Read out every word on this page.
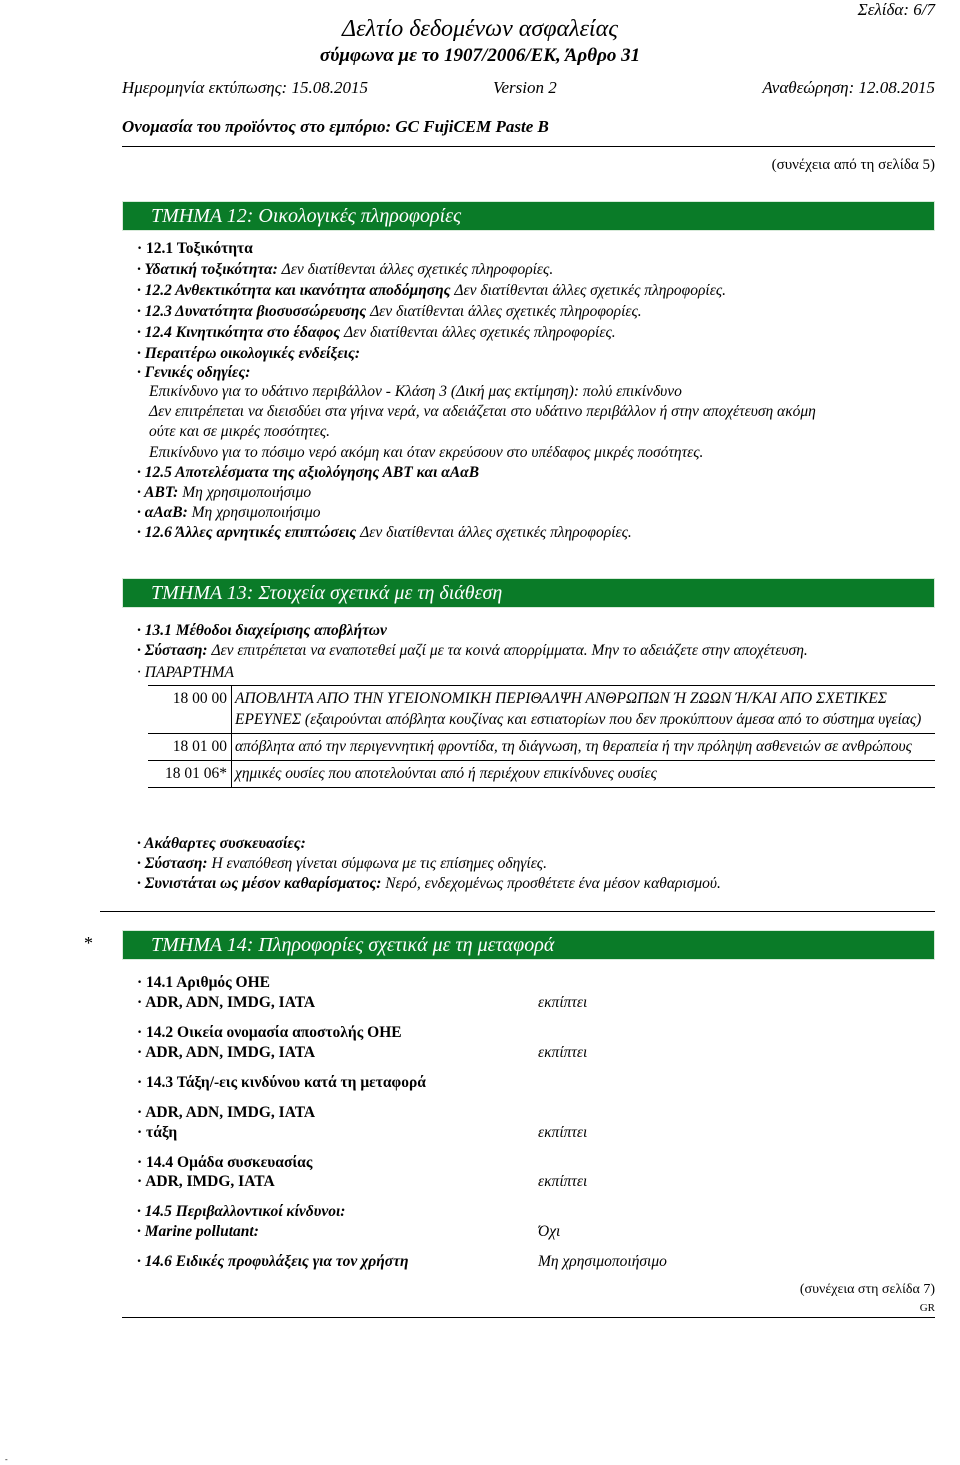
Σελίδα: 6/7
Δελτίο δεδομένων ασφαλείας
σύμφωνα με το 1907/2006/ΕΚ, Άρθρο 31
Ημερομηνία εκτύπωσης: 15.08.2015	Version 2	Αναθεώρηση: 12.08.2015
Ονομασία του προϊόντος στο εμπόριο: GC FujiCEM Paste B
(συνέχεια από τη σελίδα 5)
ΤΜΗΜΑ 12: Οικολογικές πληροφορίες
· 12.1 Τοξικότητα
· Υδατική τοξικότητα: Δεν διατίθενται άλλες σχετικές πληροφορίες.
· 12.2 Ανθεκτικότητα και ικανότητα αποδόμησης Δεν διατίθενται άλλες σχετικές πληροφορίες.
· 12.3 Δυνατότητα βιοσυσσώρευσης Δεν διατίθενται άλλες σχετικές πληροφορίες.
· 12.4 Κινητικότητα στο έδαφος Δεν διατίθενται άλλες σχετικές πληροφορίες.
· Περαιτέρω οικολογικές ενδείξεις:
· Γενικές οδηγίες:
Επικίνδυνο για το υδάτινο περιβάλλον - Κλάση 3 (Δική μας εκτίμηση): πολύ επικίνδυνο
Δεν επιτρέπεται να διεισδύει στα γήινα νερά, να αδειάζεται στο υδάτινο περιβάλλον ή στην αποχέτευση ακόμη
ούτε και σε μικρές ποσότητες.
Επικίνδυνο για το πόσιμο νερό ακόμη και όταν εκρεύσουν στο υπέδαφος μικρές ποσότητες.
· 12.5 Αποτελέσματα της αξιολόγησης ΑΒΤ και αΑαΒ
· ΑΒΤ: Μη χρησιμοποιήσιμο
· αΑαΒ: Μη χρησιμοποιήσιμο
· 12.6 Άλλες αρνητικές επιπτώσεις Δεν διατίθενται άλλες σχετικές πληροφορίες.
ΤΜΗΜΑ 13: Στοιχεία σχετικά με τη διάθεση
· 13.1 Μέθοδοι διαχείρισης αποβλήτων
· Σύσταση: Δεν επιτρέπεται να εναποτεθεί μαζί με τα κοινά απορρίμματα. Μην το αδειάζετε στην αποχέτευση.
· ΠΑΡΑΡΤΗΜΑ
18 00 00	ΑΠΟΒΛΗΤΑ ΑΠΟ ΤΗΝ ΥΓΕΙΟΝΟΜΙΚΗ ΠΕΡΙΘΑΛΨΗ ΑΝΘΡΩΠΩΝ Ή ΖΩΩΝ Ή/ΚΑΙ ΑΠΟ ΣΧΕΤΙΚΕΣ ΕΡΕΥΝΕΣ (εξαιρούνται απόβλητα κουζίνας και εστιατορίων που δεν προκύπτουν άμεσα από το σύστημα υγείας)
18 01 00	απόβλητα από την περιγεννητική φροντίδα, τη διάγνωση, τη θεραπεία ή την πρόληψη ασθενειών σε ανθρώπους
18 01 06*	χημικές ουσίες που αποτελούνται από ή περιέχουν επικίνδυνες ουσίες
· Ακάθαρτες συσκευασίες:
· Σύσταση: Η εναπόθεση γίνεται σύμφωνα με τις επίσημες οδηγίες.
· Συνιστάται ως μέσον καθαρίσματος: Νερό, ενδεχομένως προσθέτετε ένα μέσον καθαρισμού.
*	ΤΜΗΜΑ 14: Πληροφορίες σχετικά με τη μεταφορά
· 14.1 Αριθμός ΟΗΕ
· ADR, ADN, IMDG, IATA	εκπίπτει
· 14.2 Οικεία ονομασία αποστολής ΟΗΕ
· ADR, ADN, IMDG, IATA	εκπίπτει
· 14.3 Τάξη/-εις κινδύνου κατά τη μεταφορά
· ADR, ADN, IMDG, IATA
· τάξη	εκπίπτει
· 14.4 Ομάδα συσκευασίας
· ADR, IMDG, IATA	εκπίπτει
· 14.5 Περιβαλλοντικοί κίνδυνοι:
· Marine pollutant:	Όχι
· 14.6 Ειδικές προφυλάξεις για τον χρήστη	Μη χρησιμοποιήσιμο
(συνέχεια στη σελίδα 7)
GR
-
